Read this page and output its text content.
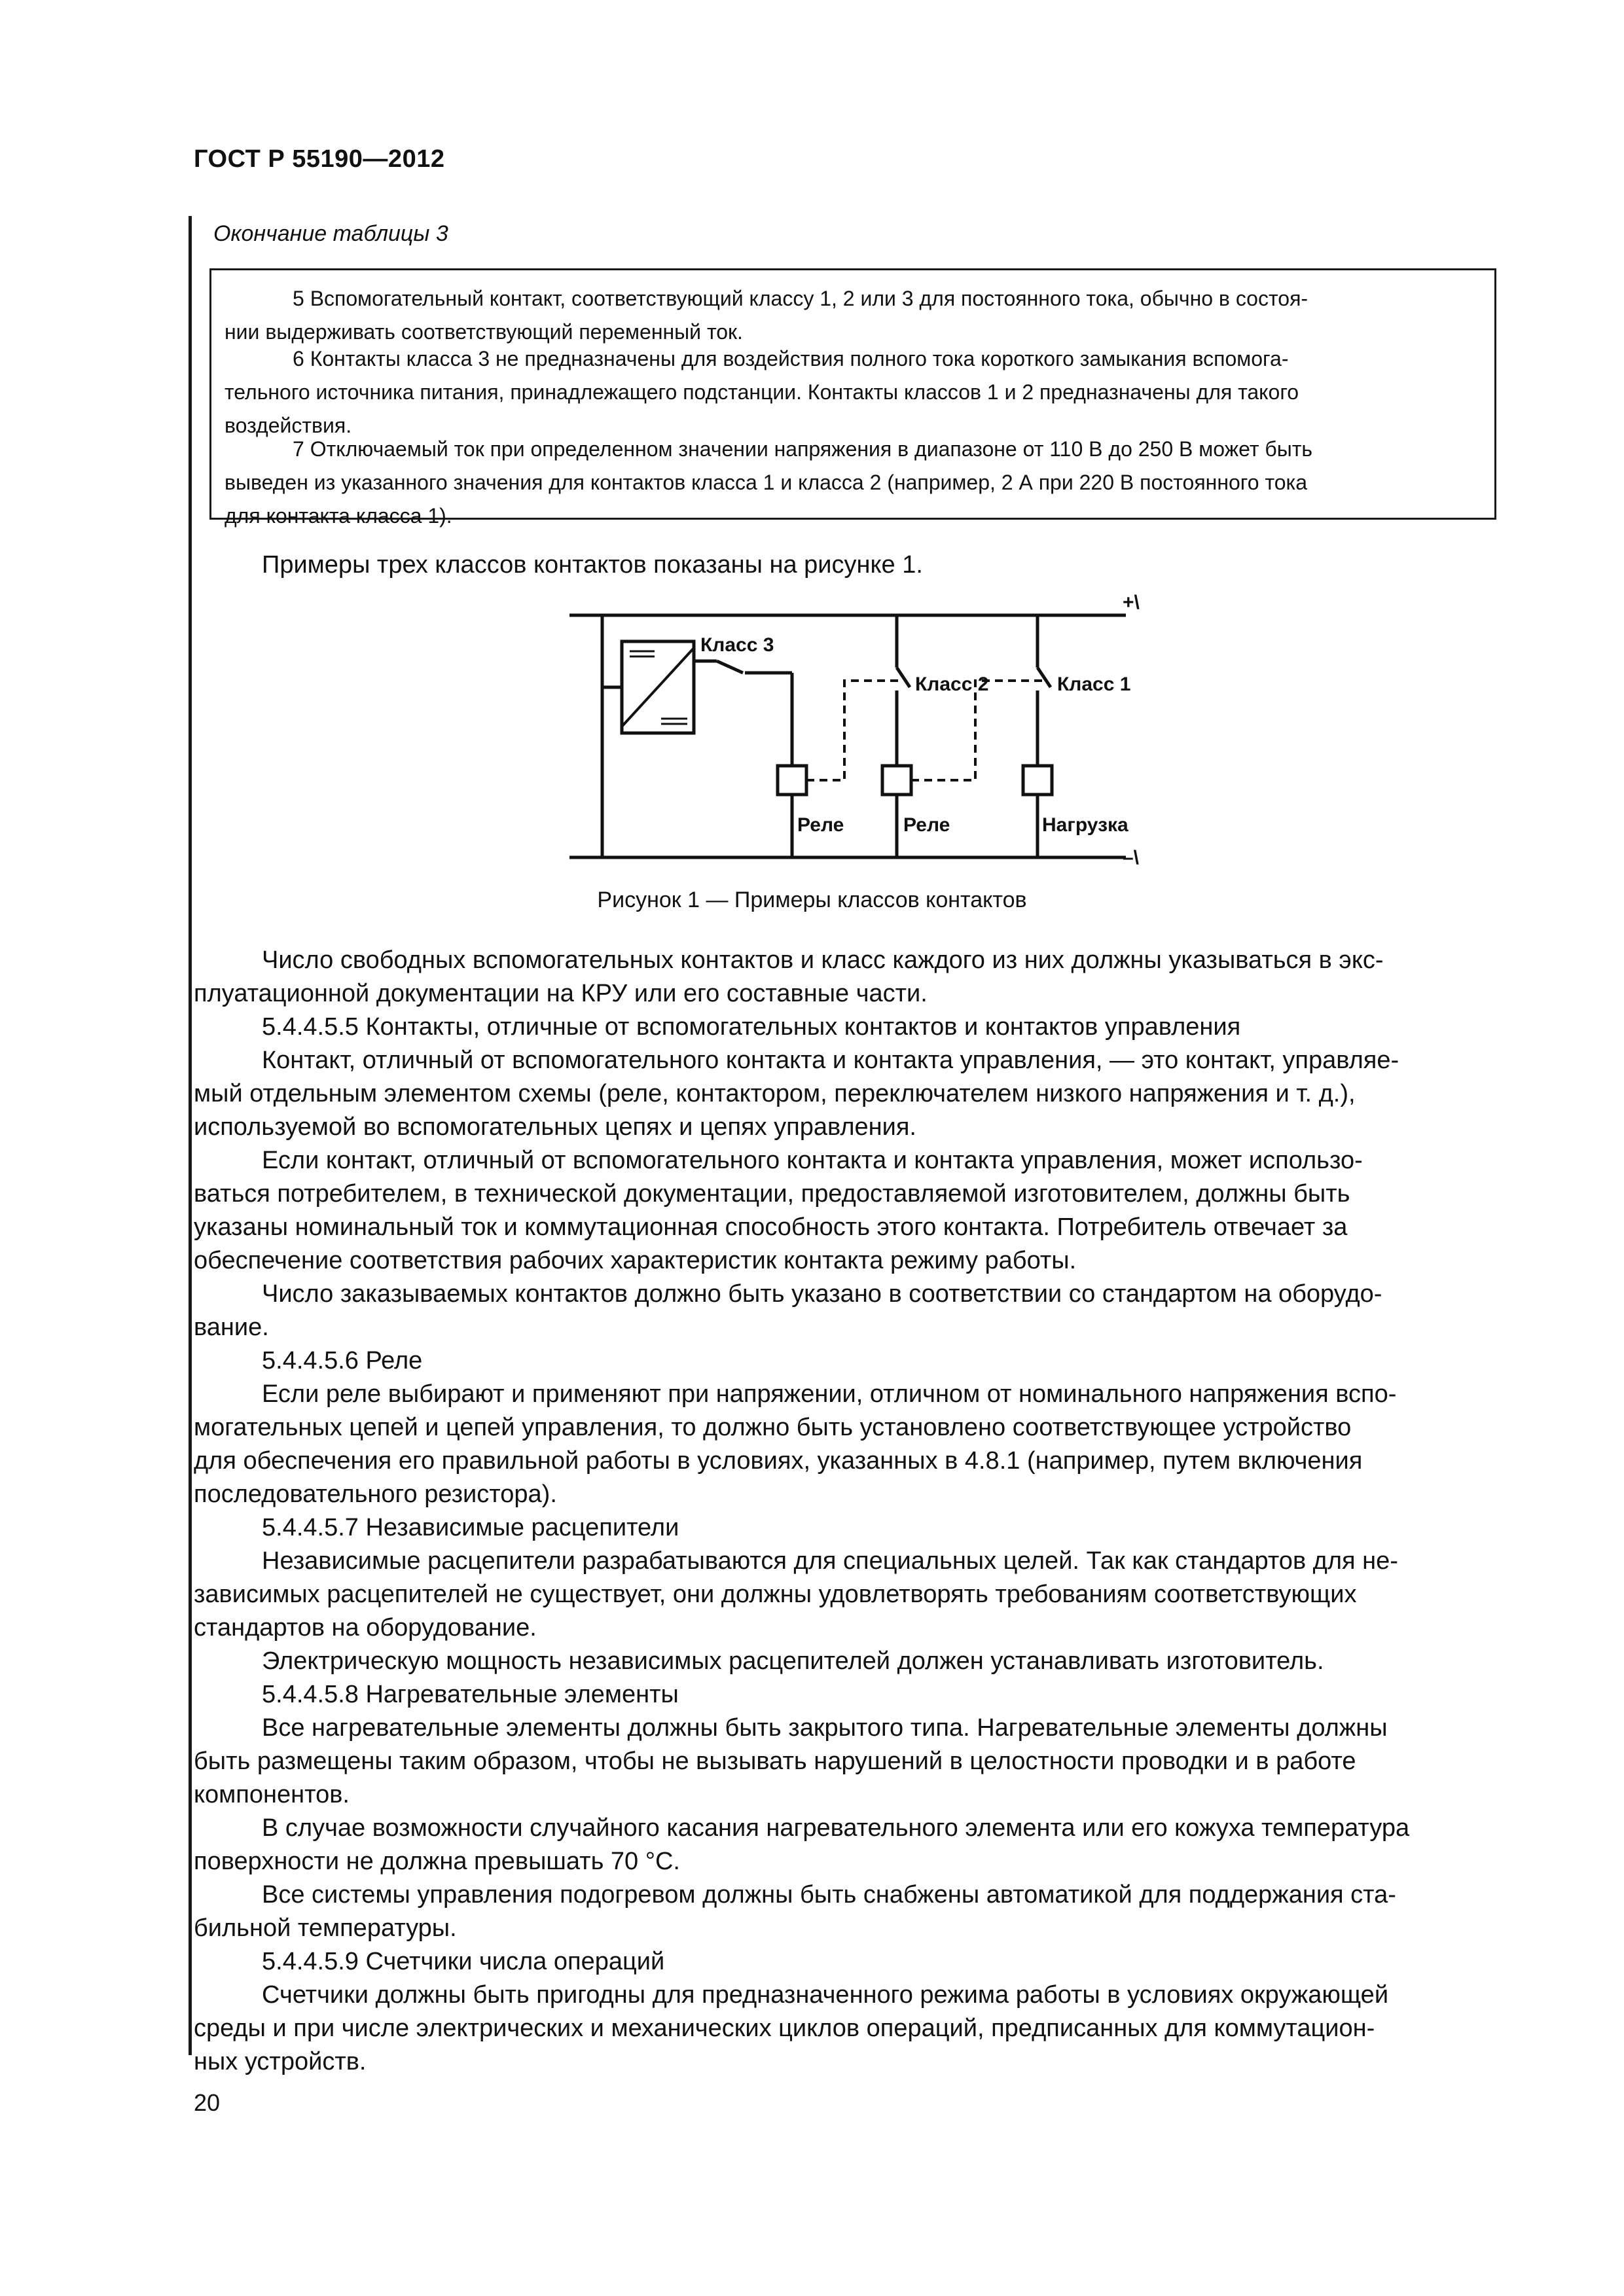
ГОСТ Р 55190—2012
Окончание таблицы 3
5 Вспомогательный контакт, соответствующий классу 1, 2 или 3 для постоянного тока, обычно в состоя-
нии выдерживать соответствующий переменный ток.
6 Контакты класса 3 не предназначены для воздействия полного тока короткого замыкания вспомога-
тельного источника питания, принадлежащего подстанции. Контакты классов 1 и 2 предназначены для такого
воздействия.
7 Отключаемый ток при определенном значении напряжения в диапазоне от 110 В до 250 В может быть
выведен из указанного значения для контактов класса 1 и класса 2 (например, 2 А при 220 В постоянного тока
для контакта класса 1).
Примеры трех классов контактов показаны на рисунке 1.
Класс 3
Класс 2	Класс 1
Реле	Реле	Нагрузка
+\
–\
Рисунок 1 — Примеры классов контактов
Число свободных вспомогательных контактов и класс каждого из них должны указываться в экс-
плуатационной документации на КРУ или его составные части.
5.4.4.5.5 Контакты, отличные от вспомогательных контактов и контактов управления
Контакт, отличный от вспомогательного контакта и контакта управления, — это контакт, управляе-
мый отдельным элементом схемы (реле, контактором, переключателем низкого напряжения и т. д.),
используемой во вспомогательных цепях и цепях управления.
Если контакт, отличный от вспомогательного контакта и контакта управления, может использо-
ваться потребителем, в технической документации, предоставляемой изготовителем, должны быть
указаны номинальный ток и коммутационная способность этого контакта. Потребитель отвечает за
обеспечение соответствия рабочих характеристик контакта режиму работы.
Число заказываемых контактов должно быть указано в соответствии со стандартом на оборудо-
вание.
5.4.4.5.6 Реле
Если реле выбирают и применяют при напряжении, отличном от номинального напряжения вспо-
могательных цепей и цепей управления, то должно быть установлено соответствующее устройство
для обеспечения его правильной работы в условиях, указанных в 4.8.1 (например, путем включения
последовательного резистора).
5.4.4.5.7 Независимые расцепители
Независимые расцепители разрабатываются для специальных целей. Так как стандартов для не-
зависимых расцепителей не существует, они должны удовлетворять требованиям соответствующих
стандартов на оборудование.
Электрическую мощность независимых расцепителей должен устанавливать изготовитель.
5.4.4.5.8 Нагревательные элементы
Все нагревательные элементы должны быть закрытого типа. Нагревательные элементы должны
быть размещены таким образом, чтобы не вызывать нарушений в целостности проводки и в работе
компонентов.
В случае возможности случайного касания нагревательного элемента или его кожуха температура
поверхности не должна превышать 70 °С.
Все системы управления подогревом должны быть снабжены автоматикой для поддержания ста-
бильной температуры.
5.4.4.5.9 Счетчики числа операций
Счетчики должны быть пригодны для предназначенного режима работы в условиях окружающей
среды и при числе электрических и механических циклов операций, предписанных для коммутацион-
ных устройств.
20
